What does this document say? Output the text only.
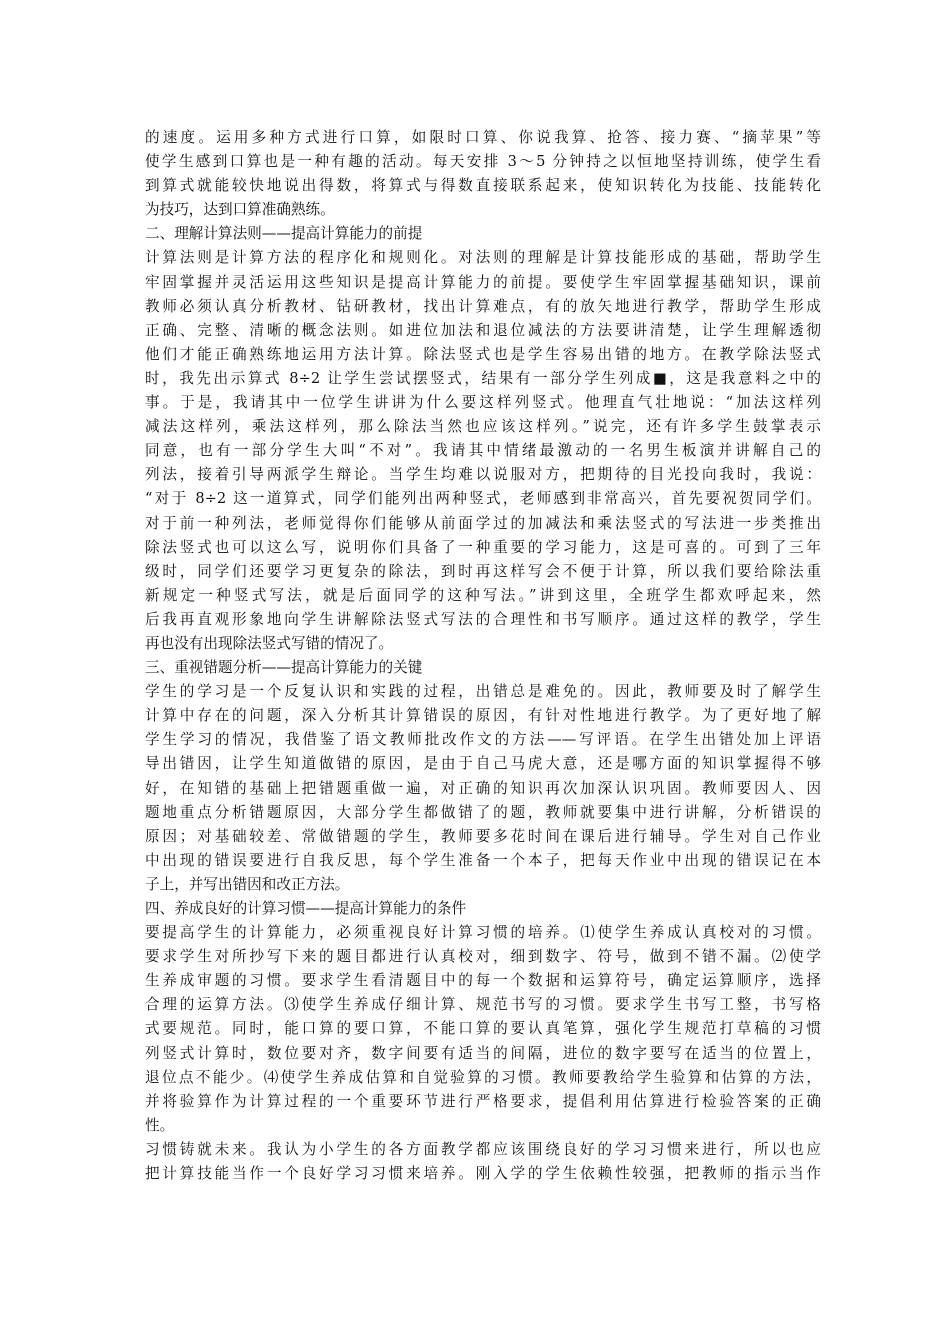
的速度。运用多种方式进行口算，如限时口算、你说我算、抢答、接力赛、“摘苹果”等
使学生感到口算也是一种有趣的活动。每天安排 3～5 分钟持之以恒地坚持训练，使学生看
到算式就能较快地说出得数，将算式与得数直接联系起来，使知识转化为技能、技能转化
为技巧，达到口算准确熟练。
二、理解计算法则——提高计算能力的前提
计算法则是计算方法的程序化和规则化。对法则的理解是计算技能形成的基础，帮助学生
牢固掌握并灵活运用这些知识是提高计算能力的前提。要使学生牢固掌握基础知识，课前
教师必须认真分析教材、钻研教材，找出计算难点，有的放矢地进行教学，帮助学生形成
正确、完整、清晰的概念法则。如进位加法和退位减法的方法要讲清楚，让学生理解透彻
他们才能正确熟练地运用方法计算。除法竖式也是学生容易出错的地方。在教学除法竖式
时，我先出示算式 8÷2 让学生尝试摆竖式，结果有一部分学生列成■，这是我意料之中的
事。于是，我请其中一位学生讲讲为什么要这样列竖式。他理直气壮地说：“加法这样列
减法这样列，乘法这样列，那么除法当然也应该这样列。”说完，还有许多学生鼓掌表示
同意，也有一部分学生大叫“不对”。我请其中情绪最激动的一名男生板演并讲解自己的
列法，接着引导两派学生辩论。当学生均难以说服对方，把期待的目光投向我时，我说：
“对于 8÷2 这一道算式，同学们能列出两种竖式，老师感到非常高兴，首先要祝贺同学们。
对于前一种列法，老师觉得你们能够从前面学过的加减法和乘法竖式的写法进一步类推出
除法竖式也可以这么写，说明你们具备了一种重要的学习能力，这是可喜的。可到了三年
级时，同学们还要学习更复杂的除法，到时再这样写会不便于计算，所以我们要给除法重
新规定一种竖式写法，就是后面同学的这种写法。”讲到这里，全班学生都欢呼起来，然
后我再直观形象地向学生讲解除法竖式写法的合理性和书写顺序。通过这样的教学，学生
再也没有出现除法竖式写错的情况了。
三、重视错题分析——提高计算能力的关键
学生的学习是一个反复认识和实践的过程，出错总是难免的。因此，教师要及时了解学生
计算中存在的问题，深入分析其计算错误的原因，有针对性地进行教学。为了更好地了解
学生学习的情况，我借鉴了语文教师批改作文的方法——写评语。在学生出错处加上评语
导出错因，让学生知道做错的原因，是由于自己马虎大意，还是哪方面的知识掌握得不够
好，在知错的基础上把错题重做一遍，对正确的知识再次加深认识巩固。教师要因人、因
题地重点分析错题原因，大部分学生都做错了的题，教师就要集中进行讲解，分析错误的
原因；对基础较差、常做错题的学生，教师要多花时间在课后进行辅导。学生对自己作业
中出现的错误要进行自我反思，每个学生准备一个本子，把每天作业中出现的错误记在本
子上，并写出错因和改正方法。
四、养成良好的计算习惯——提高计算能力的条件
要提高学生的计算能力，必须重视良好计算习惯的培养。⑴使学生养成认真校对的习惯。
要求学生对所抄写下来的题目都进行认真校对，细到数字、符号，做到不错不漏。⑵使学
生养成审题的习惯。要求学生看清题目中的每一个数据和运算符号，确定运算顺序，选择
合理的运算方法。⑶使学生养成仔细计算、规范书写的习惯。要求学生书写工整，书写格
式要规范。同时，能口算的要口算，不能口算的要认真笔算，强化学生规范打草稿的习惯
列竖式计算时，数位要对齐，数字间要有适当的间隔，进位的数字要写在适当的位置上，
退位点不能少。⑷使学生养成估算和自觉验算的习惯。教师要教给学生验算和估算的方法，
并将验算作为计算过程的一个重要环节进行严格要求，提倡利用估算进行检验答案的正确
性。
习惯铸就未来。我认为小学生的各方面教学都应该围绕良好的学习习惯来进行，所以也应
把计算技能当作一个良好学习习惯来培养。刚入学的学生依赖性较强，把教师的指示当作
